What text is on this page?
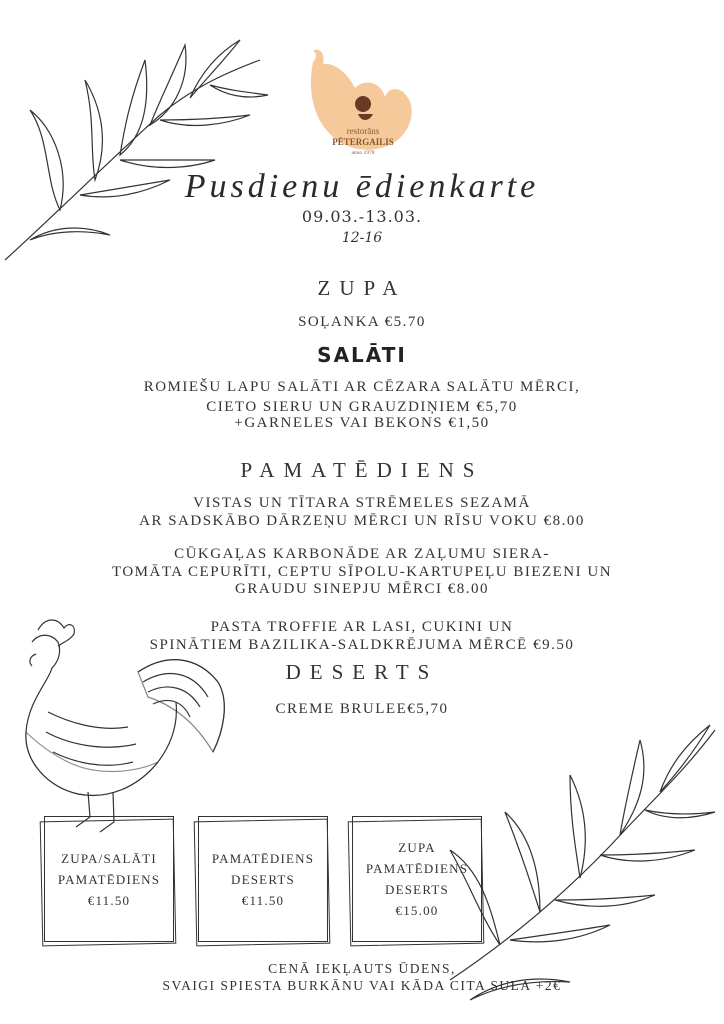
restorāns
PĒTERGAILIS
anno 1978
Pusdienu ēdienkarte
09.03.-13.03.
12-16
ZUPA
SOĻANKA €5.70
SALĀTI
ROMIEŠU LAPU SALĀTI AR CĒZARA SALĀTU MĒRCI,
CIETO SIERU UN GRAUZDIŅIEM €5,70
+GARNELES VAI BEKONS €1,50
PAMATĒDIENS
VISTAS UN TĪTARA STRĒMELES SEZAMĀ
AR SADSKĀBO DĀRZEŅU MĒRCI UN RĪSU VOKU €8.00
CŪKGAĻAS KARBONĀDE AR ZAĻUMU SIERA-
TOMĀTA CEPURĪTI, CEPTU SĪPOLU-KARTUPEĻU BIEZENI UN
GRAUDU SINEPJU MĒRCI €8.00
PASTA TROFFIE AR LASI, CUKINI UN
SPINĀTIEM BAZILIKA-SALDKRĒJUMA MĒRCĒ €9.50
DESERTS
CREME BRULEE€5,70
ZUPA/SALĀTI
PAMATĒDIENS
€11.50
PAMATĒDIENS
DESERTS
€11.50
ZUPA
PAMATĒDIENS
DESERTS
€15.00
CENĀ IEKĻAUTS ŪDENS,
SVAIGI SPIESTA BURKĀNU VAI KĀDA CITA SULA +2€
